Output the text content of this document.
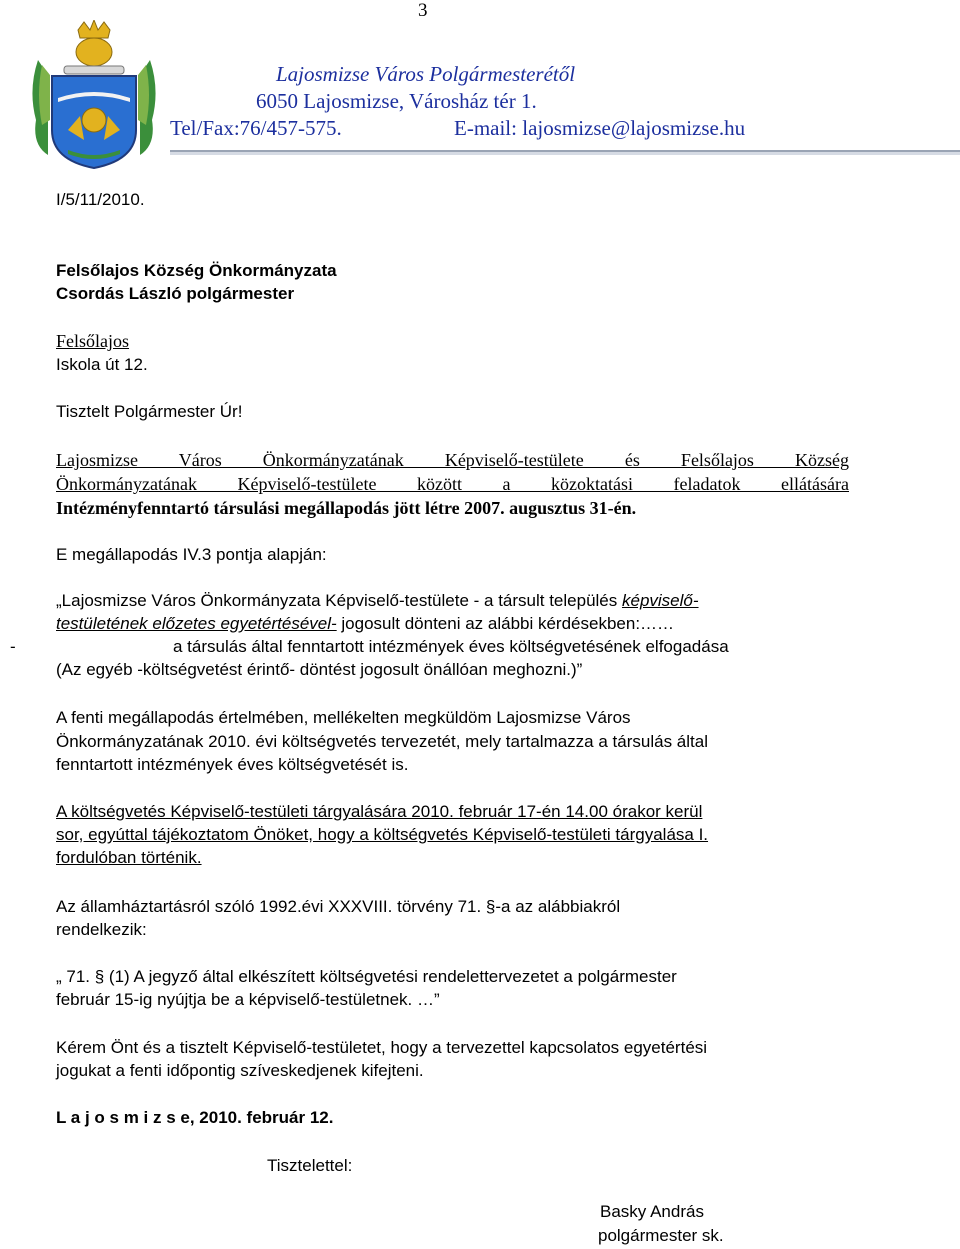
3
Lajosmizse Város Polgármesterétől
6050 Lajosmizse, Városház tér 1.
Tel/Fax:76/457-575.	E-mail: lajosmizse@lajosmizse.hu
I/5/11/2010.
Felsőlajos Község Önkormányzata
Csordás László polgármester
Felsőlajos
Iskola út 12.
Tisztelt Polgármester Úr!
Lajosmizse Város Önkormányzatának Képviselő-testülete és Felsőlajos Község
Önkormányzatának Képviselő-testülete között a közoktatási feladatok ellátására
Intézményfenntartó társulási megállapodás jött létre 2007. augusztus 31-én.
E megállapodás IV.3 pontja alapján:
„Lajosmizse Város Önkormányzata Képviselő-testülete - a társult település képviselő-
testületének előzetes egyetértésével- jogosult dönteni az alábbi kérdésekben:……
-	a társulás által fenntartott intézmények éves költségvetésének elfogadása
(Az egyéb -költségvetést érintő- döntést jogosult önállóan meghozni.)”
A fenti megállapodás értelmében, mellékelten megküldöm Lajosmizse Város
Önkormányzatának 2010. évi költségvetés tervezetét, mely tartalmazza a társulás által
fenntartott intézmények éves költségvetését is.
A költségvetés Képviselő-testületi tárgyalására 2010. február 17-én 14.00 órakor kerül
sor, egyúttal tájékoztatom Önöket, hogy a költségvetés Képviselő-testületi tárgyalása I.
fordulóban történik.
Az államháztartásról szóló 1992.évi XXXVIII. törvény 71. §-a az alábbiakról
rendelkezik:
„ 71. § (1) A jegyző által elkészített költségvetési rendelettervezetet a polgármester
február 15-ig nyújtja be a képviselő-testületnek. …”
Kérem Önt és a tisztelt Képviselő-testületet, hogy a tervezettel kapcsolatos egyetértési
jogukat a fenti időpontig szíveskedjenek kifejteni.
L a j o s m i z s e, 2010. február 12.
Tisztelettel:
Basky András
polgármester sk.
